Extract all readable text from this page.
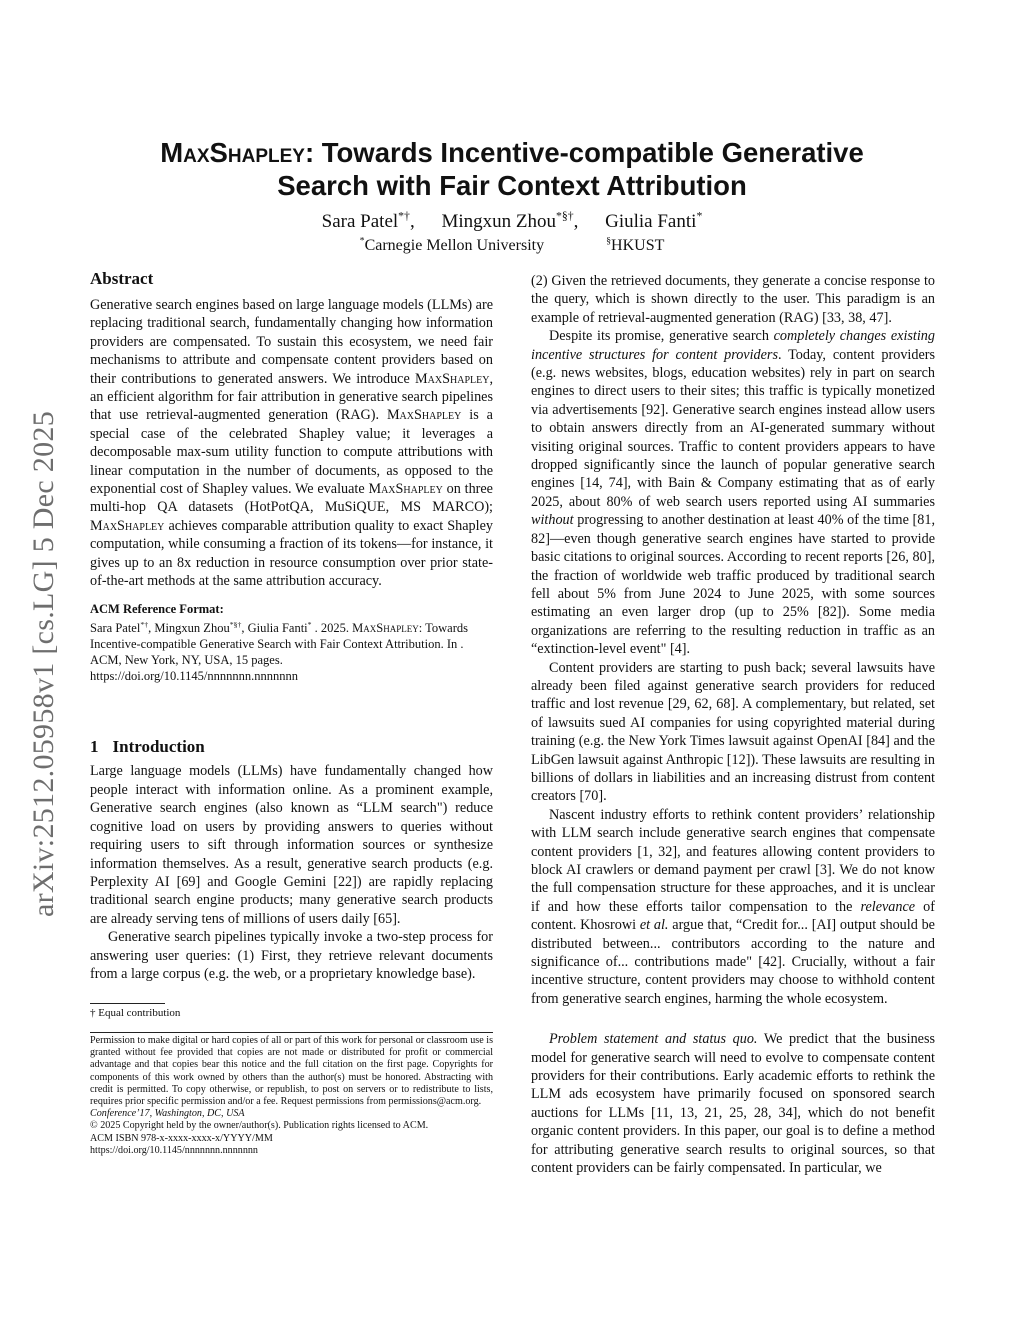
arXiv:2512.05958v1 [cs.LG] 5 Dec 2025
MaxShapley: Towards Incentive-compatible Generative
Search with Fair Context Attribution
Sara Patel*†, Mingxun Zhou*§†, Giulia Fanti*
*Carnegie Mellon University	§HKUST
Abstract

Generative search engines based on large language models (LLMs) are replacing traditional search, fundamentally changing how information providers are compensated. To sustain this ecosystem, we need fair mechanisms to attribute and compensate content providers based on their contributions to generated answers. We introduce MaxShapley, an efficient algorithm for fair attribution in generative search pipelines that use retrieval-augmented generation (RAG). MaxShapley is a special case of the celebrated Shapley value; it leverages a decomposable max-sum utility function to compute attributions with linear computation in the number of documents, as opposed to the exponential cost of Shapley values. We evaluate MaxShapley on three multi-hop QA datasets (HotPotQA, MuSiQUE, MS MARCO); MaxShapley achieves comparable attribution quality to exact Shapley computation, while consuming a fraction of its tokens—for instance, it gives up to an 8x reduction in resource consumption over prior state-of-the-art methods at the same attribution accuracy.

ACM Reference Format:
Sara Patel*†, Mingxun Zhou*§†, Giulia Fanti* . 2025. MaxShapley: Towards Incentive-compatible Generative Search with Fair Context Attribution. In . ACM, New York, NY, USA, 15 pages. https://doi.org/10.1145/nnnnnnn.nnnnnnn
1 Introduction

Large language models (LLMs) have fundamentally changed how people interact with information online. As a prominent example, Generative search engines (also known as “LLM search") reduce cognitive load on users by providing answers to queries without requiring users to sift through information sources or synthesize information themselves. As a result, generative search products (e.g. Perplexity AI [69] and Google Gemini [22]) are rapidly replacing traditional search engine products; many generative search products are already serving tens of millions of users daily [65].

Generative search pipelines typically invoke a two-step process for answering user queries: (1) First, they retrieve relevant documents from a large corpus (e.g. the web, or a proprietary knowledge base).

† Equal contribution

Permission to make digital or hard copies of all or part of this work for personal or classroom use is granted without fee provided that copies are not made or distributed for profit or commercial advantage and that copies bear this notice and the full citation on the first page. Copyrights for components of this work owned by others than the author(s) must be honored. Abstracting with credit is permitted. To copy otherwise, or republish, to post on servers or to redistribute to lists, requires prior specific permission and/or a fee. Request permissions from permissions@acm.org.

Conference’17, Washington, DC, USA

© 2025 Copyright held by the owner/author(s). Publication rights licensed to ACM.

ACM ISBN 978-x-xxxx-xxxx-x/YYYY/MM

https://doi.org/10.1145/nnnnnnn.nnnnnnn

(2) Given the retrieved documents, they generate a concise response to the query, which is shown directly to the user. This paradigm is an example of retrieval-augmented generation (RAG) [33, 38, 47].

Despite its promise, generative search completely changes existing incentive structures for content providers. Today, content providers (e.g. news websites, blogs, education websites) rely in part on search engines to direct users to their sites; this traffic is typically monetized via advertisements [92]. Generative search engines instead allow users to obtain answers directly from an AI-generated summary without visiting original sources. Traffic to content providers appears to have dropped significantly since the launch of popular generative search engines [14, 74], with Bain & Company estimating that as of early 2025, about 80% of web search users reported using AI summaries without progressing to another destination at least 40% of the time [81, 82]—even though generative search engines have started to provide basic citations to original sources. According to recent reports [26, 80], the fraction of worldwide web traffic produced by traditional search fell about 5% from June 2024 to June 2025, with some sources estimating an even larger drop (up to 25% [82]). Some media organizations are referring to the resulting reduction in traffic as an “extinction-level event" [4].

Content providers are starting to push back; several lawsuits have already been filed against generative search providers for reduced traffic and lost revenue [29, 62, 68]. A complementary, but related, set of lawsuits sued AI companies for using copyrighted material during training (e.g. the New York Times lawsuit against OpenAI [84] and the LibGen lawsuit against Anthropic [12]). These lawsuits are resulting in billions of dollars in liabilities and an increasing distrust from content creators [70].

Nascent industry efforts to rethink content providers’ relationship with LLM search include generative search engines that compensate content providers [1, 32], and features allowing content providers to block AI crawlers or demand payment per crawl [3]. We do not know the full compensation structure for these approaches, and it is unclear if and how these efforts tailor compensation to the relevance of content. Khosrowi et al. argue that, “Credit for... [AI] output should be distributed between... contributors according to the nature and significance of... contributions made" [42]. Crucially, without a fair incentive structure, content providers may choose to withhold content from generative search engines, harming the whole ecosystem.

Problem statement and status quo. We predict that the business model for generative search will need to evolve to compensate content providers for their contributions. Early academic efforts to rethink the LLM ads ecosystem have primarily focused on sponsored search auctions for LLMs [11, 13, 21, 25, 28, 34], which do not benefit organic content providers. In this paper, our goal is to define a method for attributing generative search results to original sources, so that content providers can be fairly compensated. In particular, we
